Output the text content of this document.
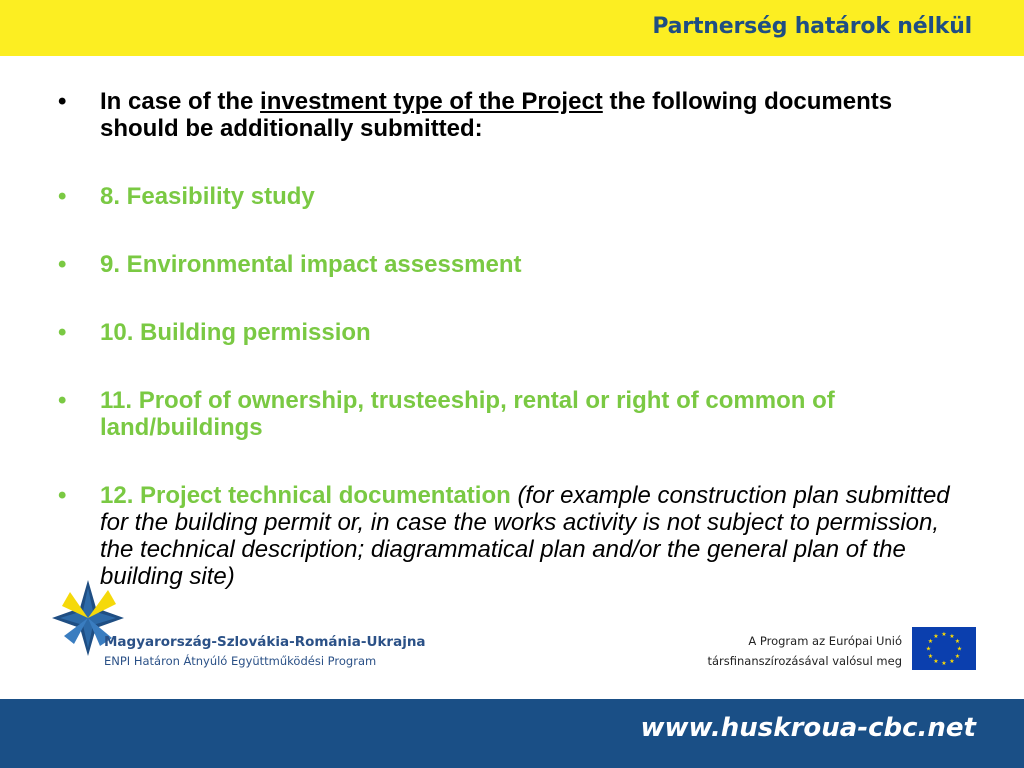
Partnerség határok nélkül
• In case of the investment type of the Project the following documents should be additionally submitted:
• 8. Feasibility study
• 9. Environmental impact assessment
• 10. Building permission
• 11. Proof of ownership, trusteeship, rental or right of common of land/buildings
• 12. Project technical documentation (for example construction plan submitted for the building permit or, in case the works activity is not subject to permission, the technical description; diagrammatical plan and/or the general plan of the building site)
Magyarország-Szlovákia-Románia-Ukrajna
ENPI Határon Átnyúló Együttműködési Program
A Program az Európai Unió
társfinanszírozásával valósul meg
★ ★
★
★
★
★
★
★
★
★
★
★
www.huskroua-cbc.net
